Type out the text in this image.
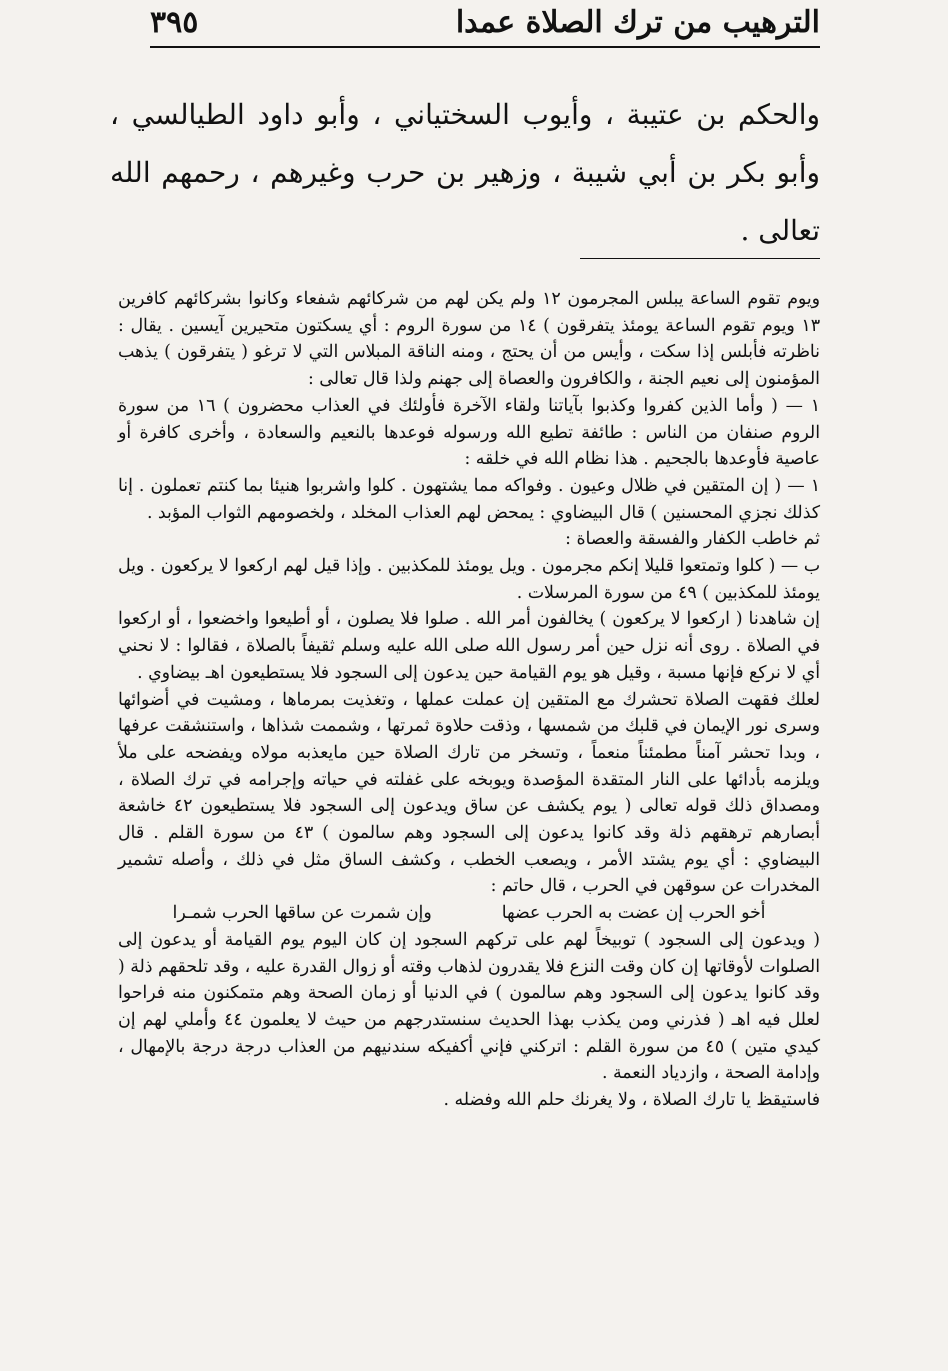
الترهيب من ترك الصلاة عمدا
٣٩٥
والحكم بن عتيبة ، وأيوب السختياني ، وأبو داود الطيالسي ، وأبو بكر بن أبي شيبة ، وزهير بن حرب وغيرهم ، رحمهم الله تعالى .

ويوم تقوم الساعة يبلس المجرمون ١٢ ولم يكن لهم من شركائهم شفعاء وكانوا بشركائهم كافرين ١٣ ويوم تقوم الساعة يومئذ يتفرقون ) ١٤ من سورة الروم : أي يسكتون متحيرين آيسين . يقال : ناظرته فأبلس إذا سكت ، وأيس من أن يحتج ، ومنه الناقة المبلاس التي لا ترغو ( يتفرقون ) يذهب المؤمنون إلى نعيم الجنة ، والكافرون والعصاة إلى جهنم ولذا قال تعالى :

١ — ( وأما الذين كفروا وكذبوا بآياتنا ولقاء الآخرة فأولئك في العذاب محضرون ) ١٦ من سورة الروم صنفان من الناس : طائفة تطيع الله ورسوله فوعدها بالنعيم والسعادة ، وأخرى كافرة أو عاصية فأوعدها بالجحيم . هذا نظام الله في خلقه :

١ — ( إن المتقين في ظلال وعيون . وفواكه مما يشتهون . كلوا واشربوا هنيئا بما كنتم تعملون . إنا كذلك نجزي المحسنين ) قال البيضاوي : يمحض لهم العذاب المخلد ، ولخصومهم الثواب المؤبد .

ثم خاطب الكفار والفسقة والعصاة :

ب — ( كلوا وتمتعوا قليلا إنكم مجرمون . ويل يومئذ للمكذبين . وإذا قيل لهم اركعوا لا يركعون . ويل يومئذ للمكذبين ) ٤٩ من سورة المرسلات .

إن شاهدنا ( اركعوا لا يركعون ) يخالفون أمر الله . صلوا فلا يصلون ، أو أطيعوا واخضعوا ، أو اركعوا في الصلاة . روى أنه نزل حين أمر رسول الله صلى الله عليه وسلم ثقيفاً بالصلاة ، فقالوا : لا نحني أي لا نركع فإنها مسبة ، وقيل هو يوم القيامة حين يدعون إلى السجود فلا يستطيعون اهـ بيضاوي .

لعلك فقهت الصلاة تحشرك مع المتقين إن عملت عملها ، وتغذيت بمرماها ، ومشيت في أضوائها وسرى نور الإيمان في قلبك من شمسها ، وذقت حلاوة ثمرتها ، وشممت شذاها ، واستنشقت عرفها ، وبدا تحشر آمناً مطمئناً منعماً ، وتسخر من تارك الصلاة حين مايعذبه مولاه ويفضحه على ملأ ويلزمه بأدائها على النار المتقدة المؤصدة ويوبخه على غفلته في حياته وإجرامه في ترك الصلاة ، ومصداق ذلك قوله تعالى ( يوم يكشف عن ساق ويدعون إلى السجود فلا يستطيعون ٤٢ خاشعة أبصارهم ترهقهم ذلة وقد كانوا يدعون إلى السجود وهم سالمون ) ٤٣ من سورة القلم . قال البيضاوي : أي يوم يشتد الأمر ، ويصعب الخطب ، وكشف الساق مثل في ذلك ، وأصله تشمير المخدرات عن سوقهن في الحرب ، قال حاتم :

أخو الحرب إن عضت به الحرب عضها
وإن شمرت عن ساقها الحرب شمـرا

( ويدعون إلى السجود ) توبيخاً لهم على تركهم السجود إن كان اليوم يوم القيامة أو يدعون إلى الصلوات لأوقاتها إن كان وقت النزع فلا يقدرون لذهاب وقته أو زوال القدرة عليه ، وقد تلحقهم ذلة ( وقد كانوا يدعون إلى السجود وهم سالمون ) في الدنيا أو زمان الصحة وهم متمكنون منه فراحوا لعلل فيه اهـ ( فذرني ومن يكذب بهذا الحديث سنستدرجهم من حيث لا يعلمون ٤٤ وأملي لهم إن كيدي متين ) ٤٥ من سورة القلم : اتركني فإني أكفيكه سندنيهم من العذاب درجة درجة بالإمهال ، وإدامة الصحة ، وازدياد النعمة .

فاستيقظ يا تارك الصلاة ، ولا يغرنك حلم الله وفضله .
